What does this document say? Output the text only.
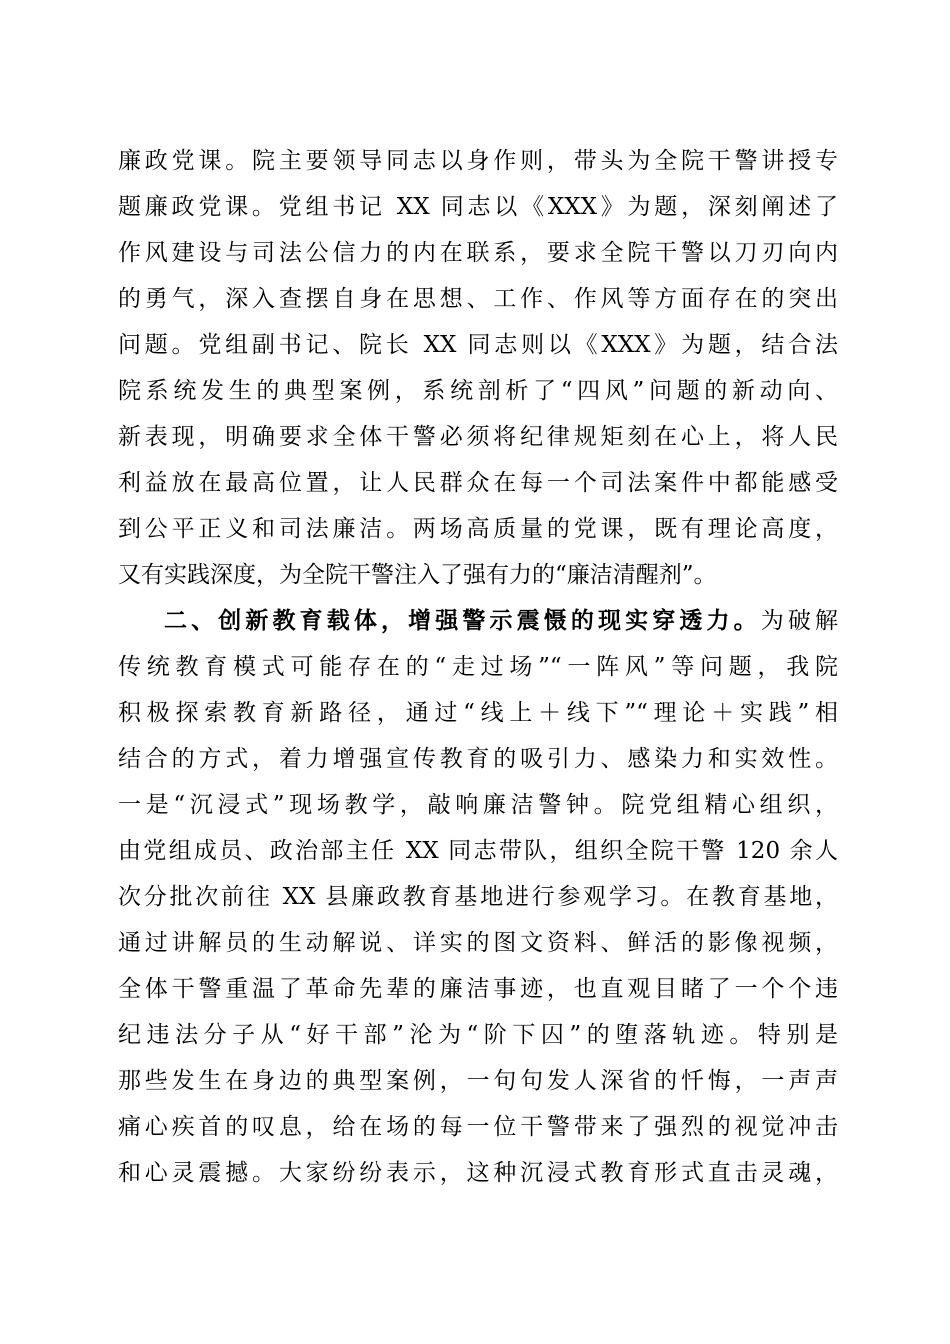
廉政党课。院主要领导同志以身作则，带头为全院干警讲授专
题廉政党课。党组书记 XX 同志以《XXX》为题，深刻阐述了
作风建设与司法公信力的内在联系，要求全院干警以刀刃向内
的勇气，深入查摆自身在思想、工作、作风等方面存在的突出
问题。党组副书记、院长 XX 同志则以《XXX》为题，结合法
院系统发生的典型案例，系统剖析了“四风”问题的新动向、
新表现，明确要求全体干警必须将纪律规矩刻在心上，将人民
利益放在最高位置，让人民群众在每一个司法案件中都能感受
到公平正义和司法廉洁。两场高质量的党课，既有理论高度，
又有实践深度，为全院干警注入了强有力的“廉洁清醒剂”。
二、创新教育载体，增强警示震慑的现实穿透力。为破解
传统教育模式可能存在的“走过场”“一阵风”等问题，我院
积极探索教育新路径，通过“线上＋线下”“理论＋实践”相
结合的方式，着力增强宣传教育的吸引力、感染力和实效性。
一是“沉浸式”现场教学，敲响廉洁警钟。院党组精心组织，
由党组成员、政治部主任 XX 同志带队，组织全院干警 120 余人
次分批次前往 XX 县廉政教育基地进行参观学习。在教育基地，
通过讲解员的生动解说、详实的图文资料、鲜活的影像视频，
全体干警重温了革命先辈的廉洁事迹，也直观目睹了一个个违
纪违法分子从“好干部”沦为“阶下囚”的堕落轨迹。特别是
那些发生在身边的典型案例，一句句发人深省的忏悔，一声声
痛心疾首的叹息，给在场的每一位干警带来了强烈的视觉冲击
和心灵震撼。大家纷纷表示，这种沉浸式教育形式直击灵魂，
